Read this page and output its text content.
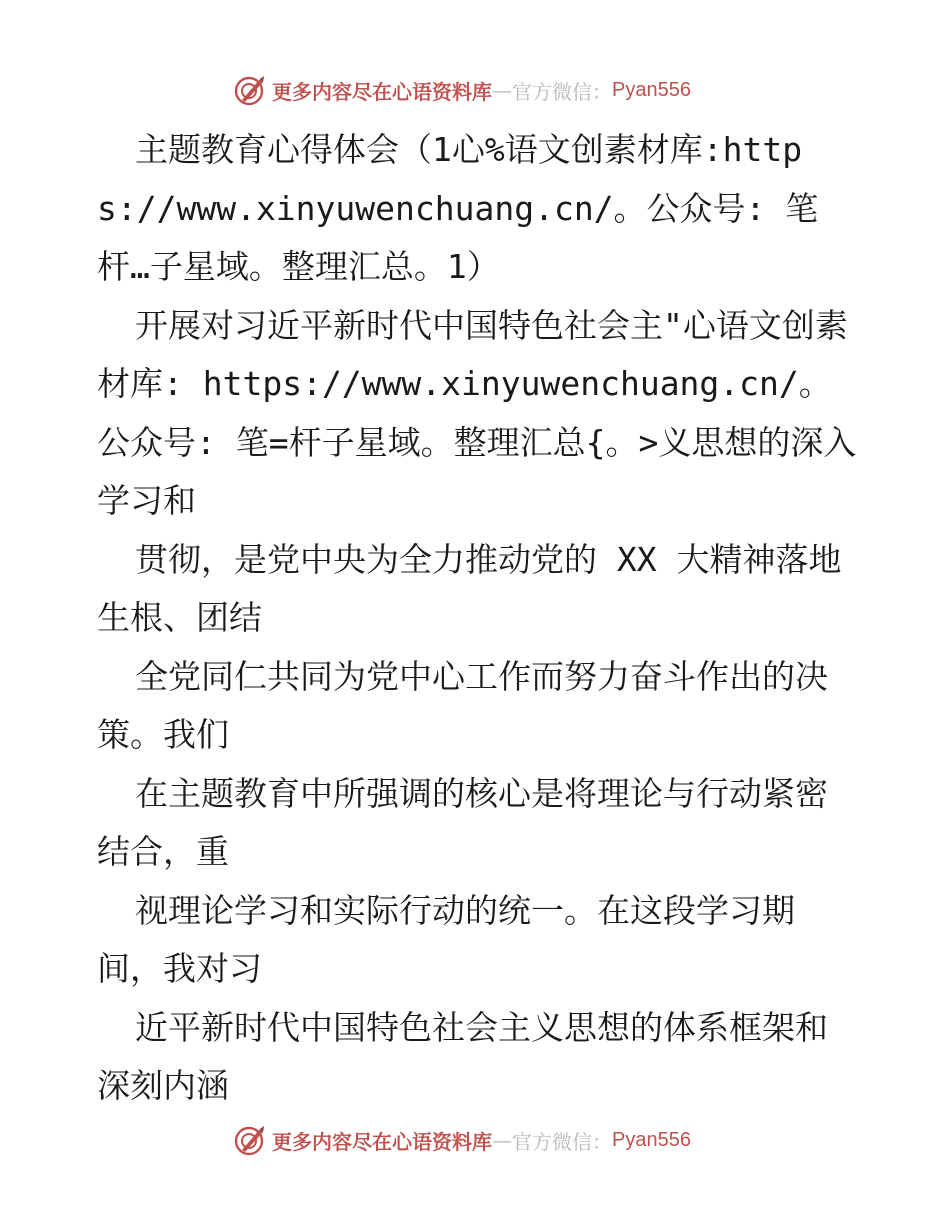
更多内容尽在心语资料库 — 官方微信： Pyan556

主题教育心得体会（1心%语文创素材库:https://www.xinyuwenchuang.cn/。公众号: 笔杆…子星域。整理汇总。1）

开展对习近平新时代中国特色社会主"心语文创素材库: https://www.xinyuwenchuang.cn/。公众号: 笔=杆子星域。整理汇总{。>义思想的深入学习和

贯彻，是党中央为全力推动党的 XX 大精神落地生根、团结

全党同仁共同为党中心工作而努力奋斗作出的决策。我们

在主题教育中所强调的核心是将理论与行动紧密结合，重

视理论学习和实际行动的统一。在这段学习期间，我对习

近平新时代中国特色社会主义思想的体系框架和深刻内涵

更多内容尽在心语资料库 — 官方微信： Pyan556
